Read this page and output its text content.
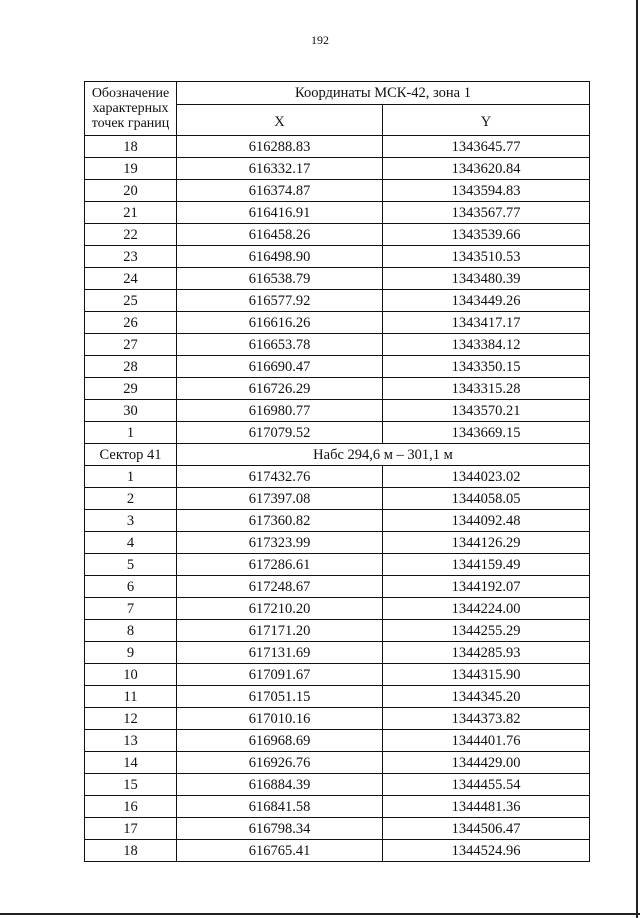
192
Обозначение характерных точек границ	Координаты МСК-42, зона 1	
	X	Y
18	616288.83	1343645.77
19	616332.17	1343620.84
20	616374.87	1343594.83
21	616416.91	1343567.77
22	616458.26	1343539.66
23	616498.90	1343510.53
24	616538.79	1343480.39
25	616577.92	1343449.26
26	616616.26	1343417.17
27	616653.78	1343384.12
28	616690.47	1343350.15
29	616726.29	1343315.28
30	616980.77	1343570.21
1	617079.52	1343669.15
Сектор 41	Набс 294,6 м – 301,1 м	
1	617432.76	1344023.02
2	617397.08	1344058.05
3	617360.82	1344092.48
4	617323.99	1344126.29
5	617286.61	1344159.49
6	617248.67	1344192.07
7	617210.20	1344224.00
8	617171.20	1344255.29
9	617131.69	1344285.93
10	617091.67	1344315.90
11	617051.15	1344345.20
12	617010.16	1344373.82
13	616968.69	1344401.76
14	616926.76	1344429.00
15	616884.39	1344455.54
16	616841.58	1344481.36
17	616798.34	1344506.47
18	616765.41	1344524.96
